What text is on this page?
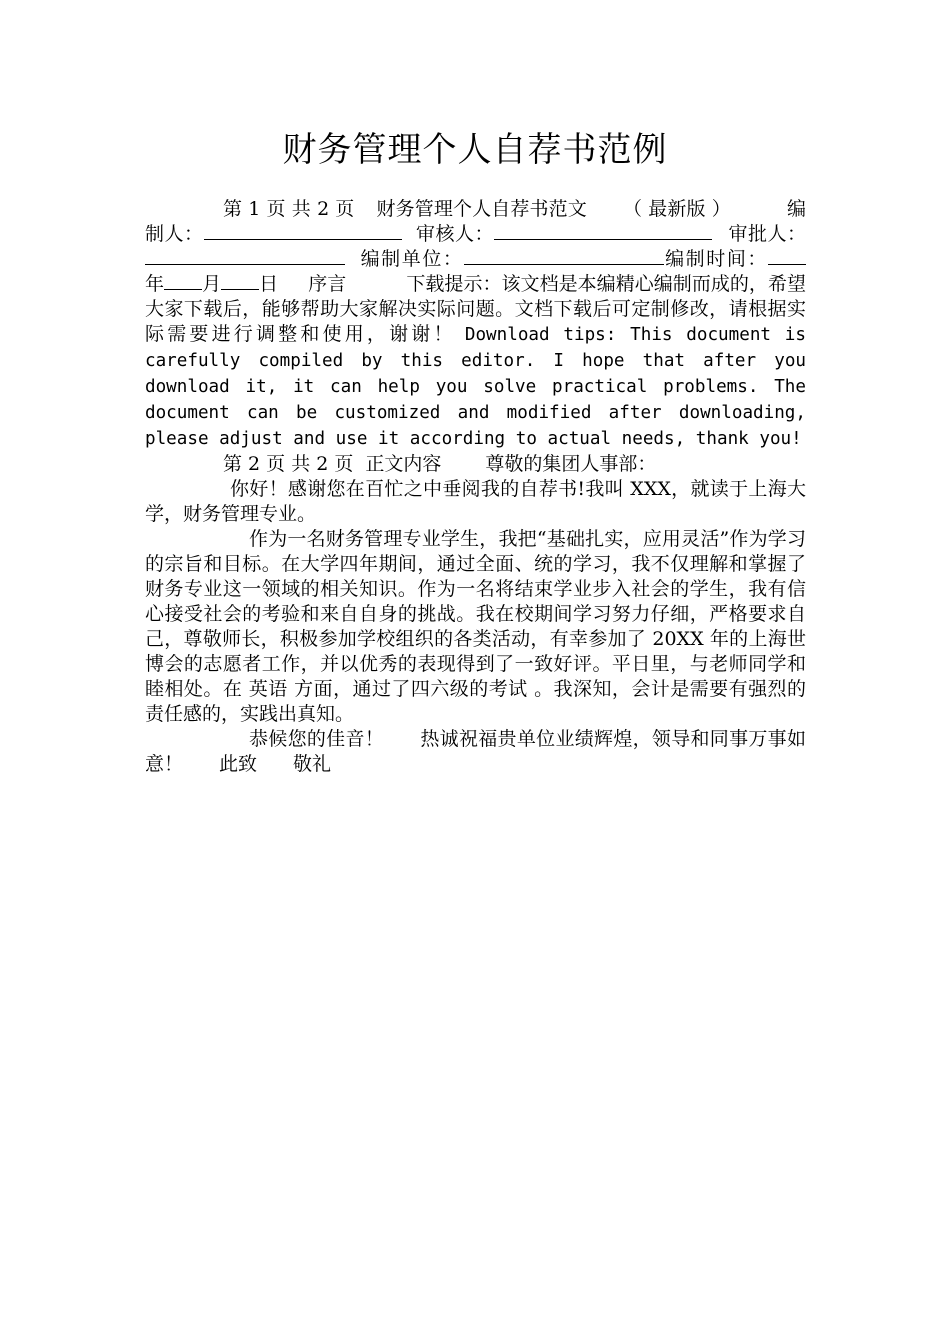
财务管理个人自荐书范例

第 1 页 共 2 页 财务管理个人自荐书范文 （ 最新版 ）	编制人：	审核人：	审批人：编制单位：	编制时间：年 月 日 序言	下载提示：该文档是本编精心编制而成的，希望大家下载后，能够帮助大家解决实际问题。文档下载后可定制修改，请根据实际需要进行调整和使用，谢谢！ Download tips: This document is carefully compiled by this editor. I hope that after you download it, it can help you solve practical problems. The document can be customized and modified after downloading, please adjust and use it according to actual needs, thank you!

第 2 页 共 2 页 正文内容 尊敬的集团人事部：

你好！感谢您在百忙之中垂阅我的自荐书!我叫 XXX，就读于上海大学，财务管理专业。

作为一名财务管理专业学生，我把“基础扎实，应用灵活”作为学习的宗旨和目标。在大学四年期间，通过全面、统的学习，我不仅理解和掌握了财务专业这一领域的相关知识。作为一名将结束学业步入社会的学生，我有信心接受社会的考验和来自自身的挑战。我在校期间学习努力仔细，严格要求自己，尊敬师长，积极参加学校组织的各类活动，有幸参加了 20XX 年的上海世博会的志愿者工作，并以优秀的表现得到了一致好评。平日里，与老师同学和睦相处。在 英语 方面，通过了四六级的考试 。我深知，会计是需要有强烈的责任感的，实践出真知。

恭候您的佳音！ 热诚祝福贵单位业绩辉煌，领导和同事万事如意！ 此致 敬礼
